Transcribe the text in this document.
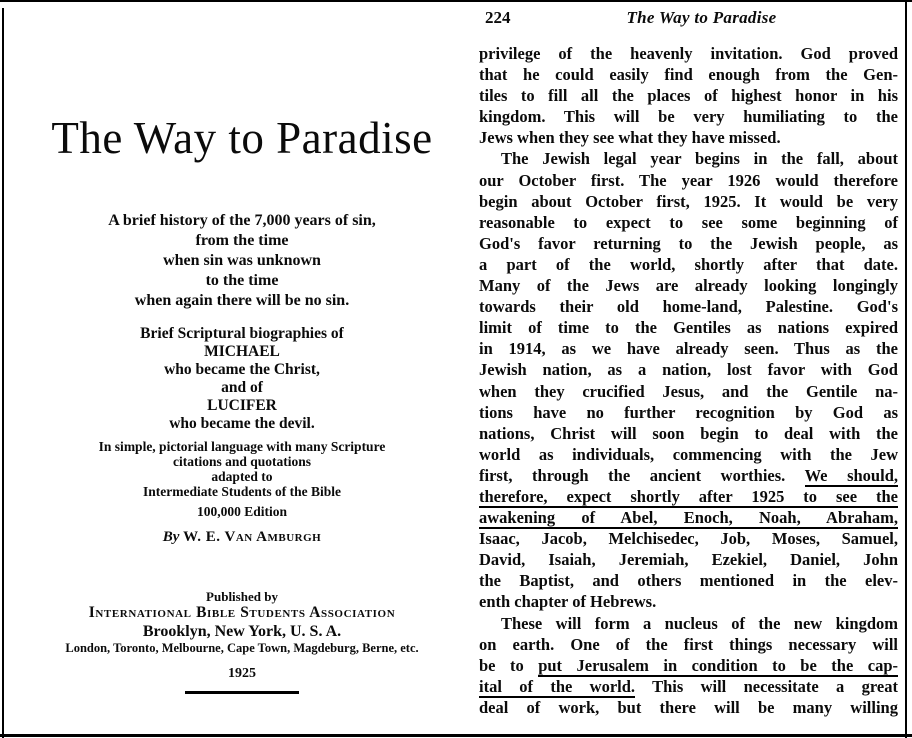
The Way to Paradise
A brief history of the 7,000 years of sin,
from the time
when sin was unknown
to the time
when again there will be no sin.
Brief Scriptural biographies of
MICHAEL
who became the Christ,
and of
LUCIFER
who became the devil.
In simple, pictorial language with many Scripture
citations and quotations
adapted to
Intermediate Students of the Bible
100,000 Edition
By W. E. Van Amburgh
Published by
International Bible Students Association
Brooklyn, New York, U. S. A.
London, Toronto, Melbourne, Cape Town, Magdeburg, Berne, etc.
1925
224	The Way to Paradise
privilege of the heavenly invitation. God proved
that he could easily find enough from the Gen-
tiles to fill all the places of highest honor in his
kingdom. This will be very humiliating to the
Jews when they see what they have missed.
The Jewish legal year begins in the fall, about
our October first. The year 1926 would therefore
begin about October first, 1925. It would be very
reasonable to expect to see some beginning of
God's favor returning to the Jewish people, as
a part of the world, shortly after that date.
Many of the Jews are already looking longingly
towards their old home-land, Palestine. God's
limit of time to the Gentiles as nations expired
in 1914, as we have already seen. Thus as the
Jewish nation, as a nation, lost favor with God
when they crucified Jesus, and the Gentile na-
tions have no further recognition by God as
nations, Christ will soon begin to deal with the
world as individuals, commencing with the Jew
first, through the ancient worthies. We should,
therefore, expect shortly after 1925 to see the
awakening of Abel, Enoch, Noah, Abraham,
Isaac, Jacob, Melchisedec, Job, Moses, Samuel,
David, Isaiah, Jeremiah, Ezekiel, Daniel, John
the Baptist, and others mentioned in the elev-
enth chapter of Hebrews.
These will form a nucleus of the new kingdom
on earth. One of the first things necessary will
be to put Jerusalem in condition to be the cap-
ital of the world. This will necessitate a great
deal of work, but there will be many willing
